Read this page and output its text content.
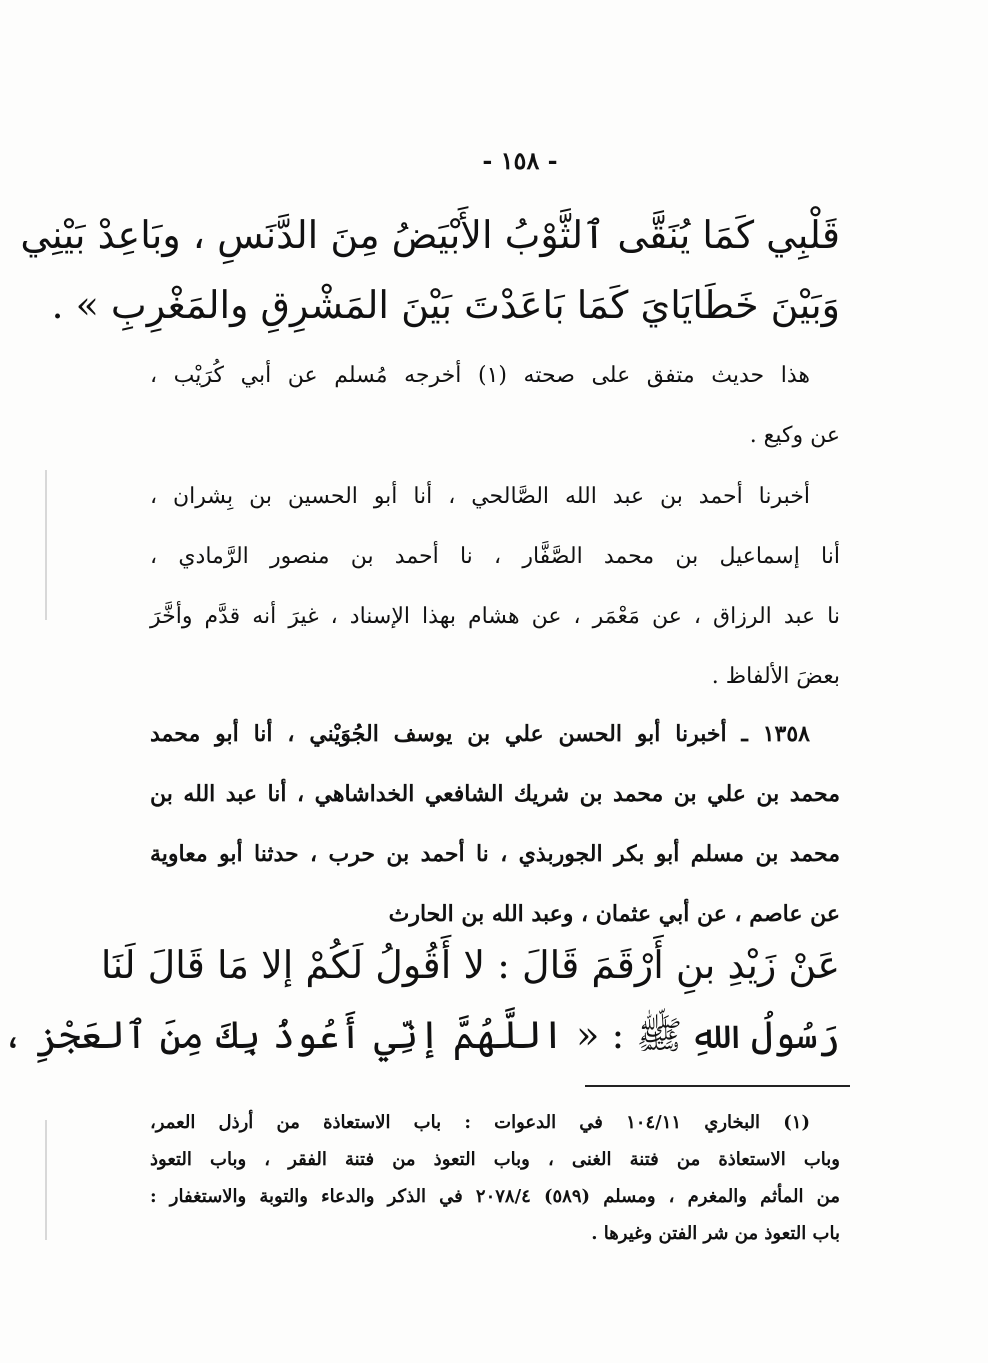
- ١٥٨ -
قَلْبِي كَمَا يُنَقَّى ٱلثَّوْبُ الأَبْيَضُ مِنَ الدَّنَسِ ، وبَاعِدْ بَيْنِي
وَبَيْنَ خَطَايَايَ كَمَا بَاعَدْتَ بَيْنَ المَشْرِقِ والمَغْرِبِ » .
هذا حديث متفق على صحته (١) أخرجه مُسلم عن أبي كُرَيْب ،
عن وكيع .
أخبرنا أحمد بن عبد الله الصَّالحي ، أنا أبو الحسين بن بِشران ،
أنا إسماعيل بن محمد الصَّفَّار ، نا أحمد بن منصور الرَّمادي ،
نا عبد الرزاق ، عن مَعْمَر ، عن هشام بهذا الإسناد ، غيرَ أنه قدَّم وأخَّرَ
بعضَ الألفاظ .
١٣٥٨ ـ أخبرنا أبو الحسن علي بن يوسف الجُوَيْني ، أنا أبو محمد
محمد بن علي بن محمد بن شريك الشافعي الخداشاهي ، أنا عبد الله بن
محمد بن مسلم أبو بكر الجوربذي ، نا أحمد بن حرب ، حدثنا أبو معاوية
عن عاصم ، عن أبي عثمان ، وعبد الله بن الحارث
عَنْ زَيْدِ بنِ أَرْقَمَ قَالَ : لا أَقُولُ لَكُمْ إلا مَا قَالَ لَنَا
رَسُولُ اللهِ ﷺ : « اللَّهُمَّ إنِّي أَعُوذُ بِكَ مِنَ ٱلعَجْزِ ،
(١) البخاري ١٠٤/١١ في الدعوات : باب الاستعاذة من أرذل العمر،
وباب الاستعاذة من فتنة الغنى ، وباب التعوذ من فتنة الفقر ، وباب التعوذ
من المأثم والمغرم ، ومسلم (٥٨٩) ٢٠٧٨/٤ في الذكر والدعاء والتوبة والاستغفار :
باب التعوذ من شر الفتن وغيرها .
